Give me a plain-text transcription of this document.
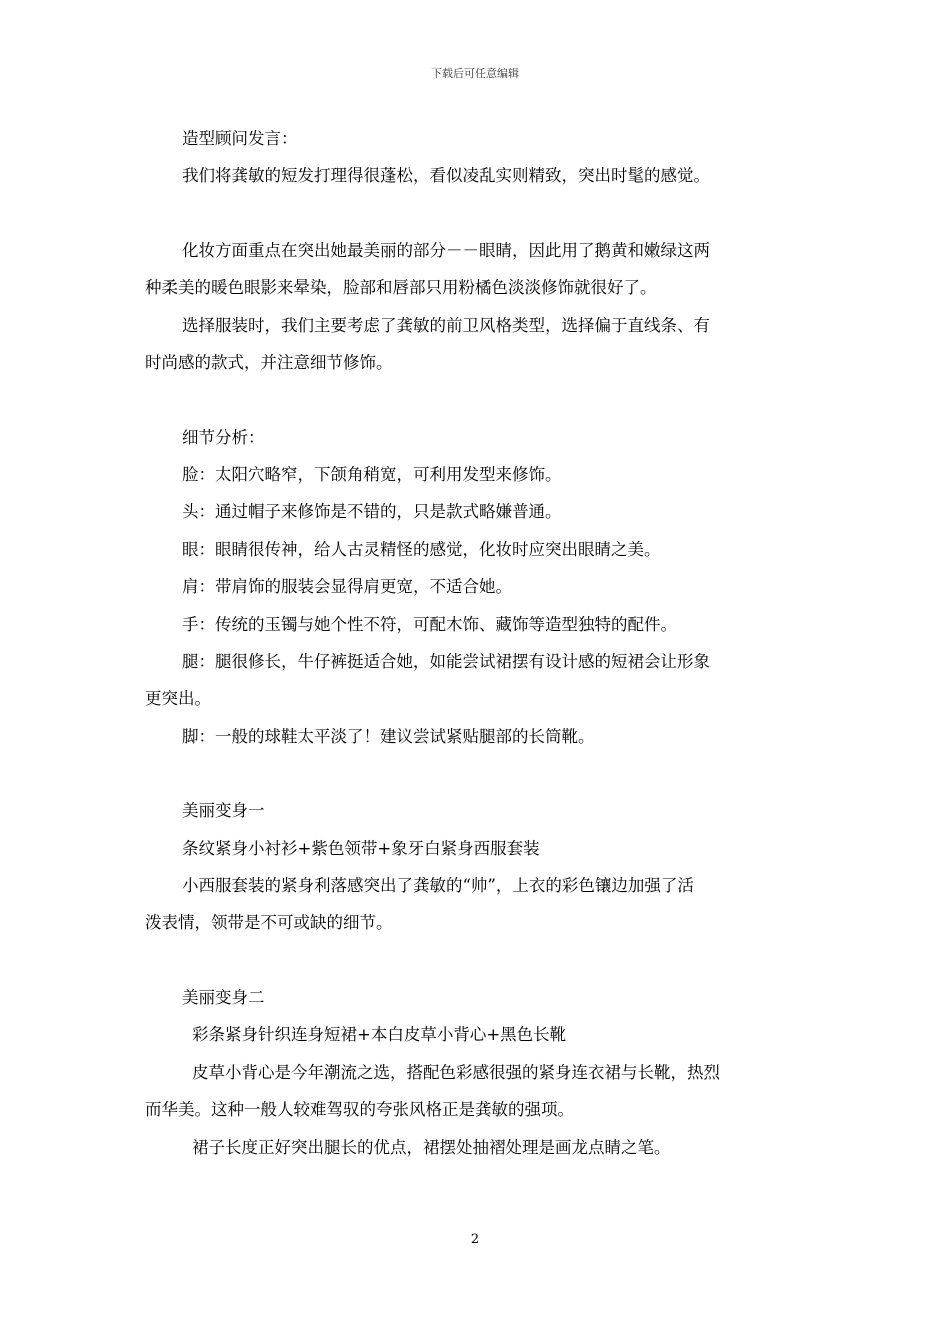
下载后可任意编辑

造型顾问发言：

我们将龚敏的短发打理得很蓬松，看似凌乱实则精致，突出时髦的感觉。

化妆方面重点在突出她最美丽的部分－－眼睛，因此用了鹅黄和嫩绿这两

种柔美的暖色眼影来晕染，脸部和唇部只用粉橘色淡淡修饰就很好了。

选择服装时，我们主要考虑了龚敏的前卫风格类型，选择偏于直线条、有

时尚感的款式，并注意细节修饰。

细节分析：

脸：太阳穴略窄，下颌角稍宽，可利用发型来修饰。

头：通过帽子来修饰是不错的，只是款式略嫌普通。

眼：眼睛很传神，给人古灵精怪的感觉，化妆时应突出眼睛之美。

肩：带肩饰的服装会显得肩更宽，不适合她。

手：传统的玉镯与她个性不符，可配木饰、藏饰等造型独特的配件。

腿：腿很修长，牛仔裤挺适合她，如能尝试裙摆有设计感的短裙会让形象

更突出。

脚：一般的球鞋太平淡了！建议尝试紧贴腿部的长筒靴。

美丽变身一

条纹紧身小衬衫+紫色领带+象牙白紧身西服套装

小西服套装的紧身利落感突出了龚敏的“帅”，上衣的彩色镶边加强了活

泼表情，领带是不可或缺的细节。

美丽变身二

彩条紧身针织连身短裙+本白皮草小背心+黑色长靴

皮草小背心是今年潮流之选，搭配色彩感很强的紧身连衣裙与长靴，热烈

而华美。这种一般人较难驾驭的夸张风格正是龚敏的强项。

裙子长度正好突出腿长的优点，裙摆处抽褶处理是画龙点睛之笔。

2
